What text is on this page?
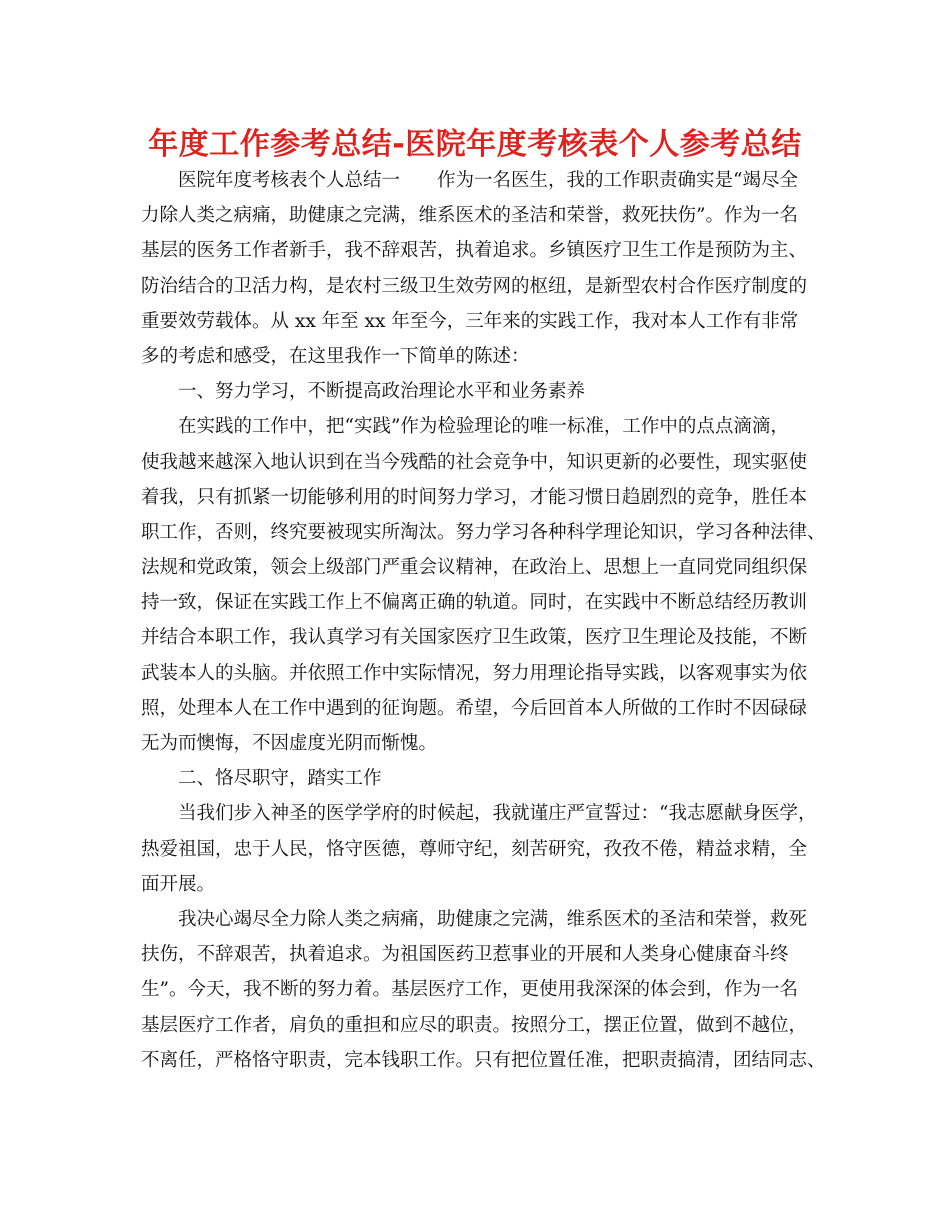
年度工作参考总结-医院年度考核表个人参考总结
医院年度考核表个人总结一　　作为一名医生，我的工作职责确实是“竭尽全
力除人类之病痛，助健康之完满，维系医术的圣洁和荣誉，救死扶伤”。作为一名
基层的医务工作者新手，我不辞艰苦，执着追求。乡镇医疗卫生工作是预防为主、
防治结合的卫活力构，是农村三级卫生效劳网的枢纽，是新型农村合作医疗制度的
重要效劳载体。从 xx 年至 xx 年至今，三年来的实践工作，我对本人工作有非常
多的考虑和感受，在这里我作一下简单的陈述：
一、努力学习，不断提高政治理论水平和业务素养
在实践的工作中，把“实践”作为检验理论的唯一标准，工作中的点点滴滴，
使我越来越深入地认识到在当今残酷的社会竞争中，知识更新的必要性，现实驱使
着我，只有抓紧一切能够利用的时间努力学习，才能习惯日趋剧烈的竞争，胜任本
职工作，否则，终究要被现实所淘汰。努力学习各种科学理论知识，学习各种法律、
法规和党政策，领会上级部门严重会议精神，在政治上、思想上一直同党同组织保
持一致，保证在实践工作上不偏离正确的轨道。同时，在实践中不断总结经历教训
并结合本职工作，我认真学习有关国家医疗卫生政策，医疗卫生理论及技能，不断
武装本人的头脑。并依照工作中实际情况，努力用理论指导实践，以客观事实为依
照，处理本人在工作中遇到的征询题。希望，今后回首本人所做的工作时不因碌碌
无为而懊悔，不因虚度光阴而惭愧。
二、恪尽职守，踏实工作
当我们步入神圣的医学学府的时候起，我就谨庄严宣誓过：“我志愿献身医学，
热爱祖国，忠于人民，恪守医德，尊师守纪，刻苦研究，孜孜不倦，精益求精，全
面开展。
我决心竭尽全力除人类之病痛，助健康之完满，维系医术的圣洁和荣誉，救死
扶伤，不辞艰苦，执着追求。为祖国医药卫惹事业的开展和人类身心健康奋斗终
生”。今天，我不断的努力着。基层医疗工作，更使用我深深的体会到，作为一名
基层医疗工作者，肩负的重担和应尽的职责。按照分工，摆正位置，做到不越位，
不离任，严格恪守职责，完本钱职工作。只有把位置任准，把职责搞清，团结同志、
